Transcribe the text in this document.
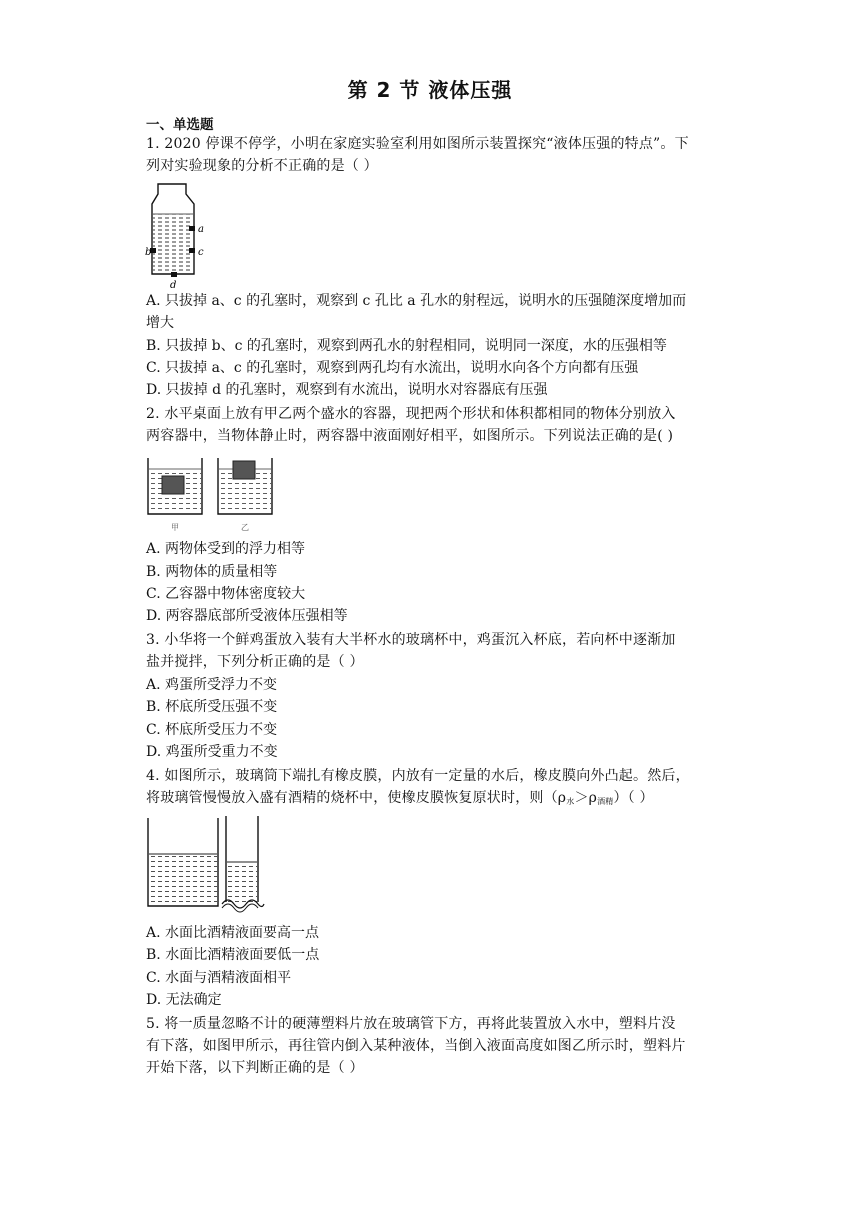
第 2 节 液体压强
一、单选题
1. 2020 停课不停学，小明在家庭实验室利用如图所示装置探究“液体压强的特点”。下
列对实验现象的分析不正确的是（ ）
a
b	c
d
A. 只拔掉 a、c 的孔塞时，观察到 c 孔比 a 孔水的射程远，说明水的压强随深度增加而
增大
B. 只拔掉 b、c 的孔塞时，观察到两孔水的射程相同，说明同一深度，水的压强相等
C. 只拔掉 a、c 的孔塞时，观察到两孔均有水流出，说明水向各个方向都有压强
D. 只拔掉 d 的孔塞时，观察到有水流出，说明水对容器底有压强
2. 水平桌面上放有甲乙两个盛水的容器，现把两个形状和体积都相同的物体分别放入
两容器中，当物体静止时，两容器中液面刚好相平，如图所示。下列说法正确的是( )
甲	乙
A. 两物体受到的浮力相等
B. 两物体的质量相等
C. 乙容器中物体密度较大
D. 两容器底部所受液体压强相等
3. 小华将一个鲜鸡蛋放入装有大半杯水的玻璃杯中，鸡蛋沉入杯底，若向杯中逐渐加
盐并搅拌，下列分析正确的是（ ）
A. 鸡蛋所受浮力不变
B. 杯底所受压强不变
C. 杯底所受压力不变
D. 鸡蛋所受重力不变
4. 如图所示，玻璃筒下端扎有橡皮膜，内放有一定量的水后，橡皮膜向外凸起。然后，
将玻璃管慢慢放入盛有酒精的烧杯中，使橡皮膜恢复原状时，则$(\rho_水>\rho_{酒精})$（ ）
A. 水面比酒精液面要高一点
B. 水面比酒精液面要低一点
C. 水面与酒精液面相平
D. 无法确定
5. 将一质量忽略不计的硬薄塑料片放在玻璃管下方，再将此装置放入水中，塑料片没
有下落，如图甲所示，再往管内倒入某种液体，当倒入液面高度如图乙所示时，塑料片
开始下落，以下判断正确的是（ ）
